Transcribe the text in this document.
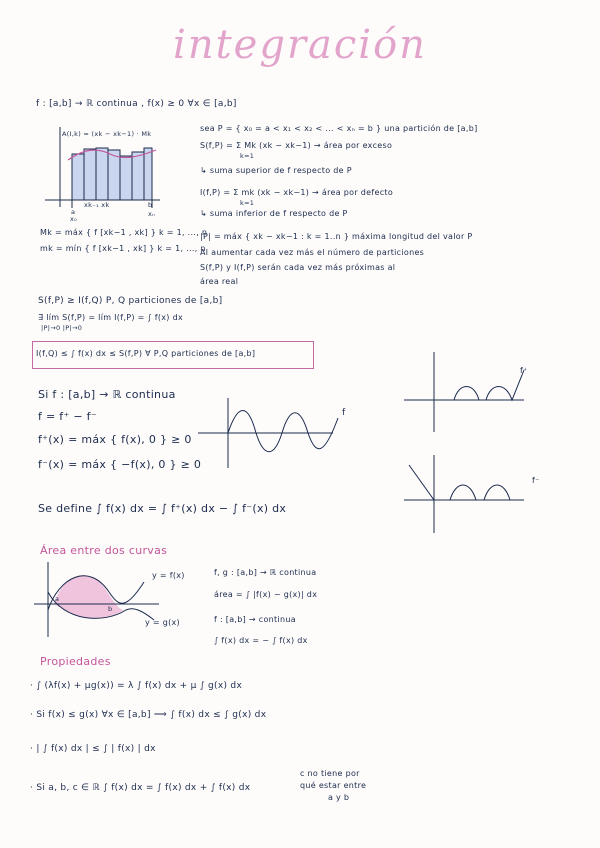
integración
f : [a,b] → ℝ continua , f(x) ≥ 0 ∀x ∈ [a,b]
A(I,k) = (xk − xk−1) · Mk
b
a
x₀
xk₋₁ xk
xₙ
sea P = { x₀ = a < x₁ < x₂ < ... < xₙ = b } una partición de [a,b]
S(f,P) = Σ Mk (xk − xk−1) → área por exceso
k=1
↳ suma superior de f respecto de P
I(f,P) = Σ mk (xk − xk−1) → área por defecto
k=1
↳ suma inferior de f respecto de P
Mk = máx { f [xk−1 , xk] } k = 1, ..., n
mk = mín { f [xk−1 , xk] } k = 1, ..., n
|P| = máx { xk − xk−1 : k = 1..n } máxima longitud del valor P
Al aumentar cada vez más el número de particiones
S(f,P) y I(f,P) serán cada vez más próximas al
área real
S(f,P) ≥ I(f,Q) P, Q particiones de [a,b]
∃ lím S(f,P) = lím I(f,P) = ∫ f(x) dx
|P|→0 |P|→0
I(f,Q) ≤ ∫ f(x) dx ≤ S(f,P) ∀ P,Q particiones de [a,b]
Si f : [a,b] → ℝ continua
f = f⁺ − f⁻
f⁺(x) = máx { f(x), 0 } ≥ 0
f⁻(x) = máx { −f(x), 0 } ≥ 0
Se define ∫ f(x) dx = ∫ f⁺(x) dx − ∫ f⁻(x) dx
f
f⁺
f⁻
Área entre dos curvas
y = f(x)
y = g(x)
a
b
f, g : [a,b] → ℝ continua
área = ∫ |f(x) − g(x)| dx
f : [a,b] → continua
∫ f(x) dx = − ∫ f(x) dx
Propiedades
· ∫ (λf(x) + μg(x)) = λ ∫ f(x) dx + μ ∫ g(x) dx
· Si f(x) ≤ g(x) ∀x ∈ [a,b] ⟹ ∫ f(x) dx ≤ ∫ g(x) dx
· | ∫ f(x) dx | ≤ ∫ | f(x) | dx
· Si a, b, c ∈ ℝ ∫ f(x) dx = ∫ f(x) dx + ∫ f(x) dx
c no tiene por
qué estar entre
a y b
